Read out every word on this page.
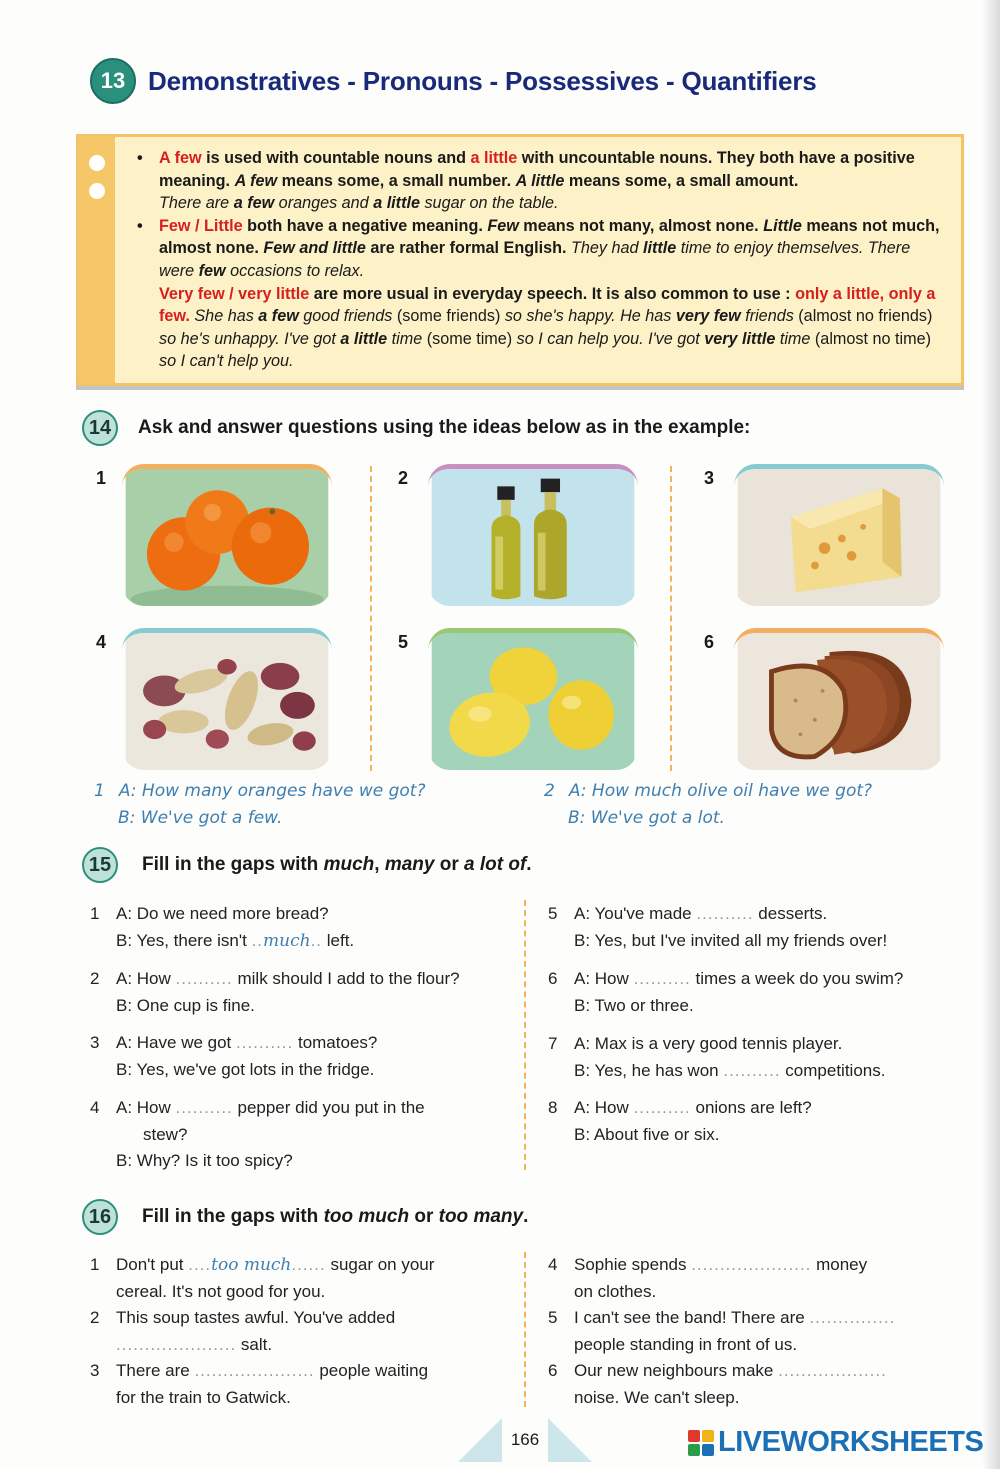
13 Demonstratives - Pronouns - Possessives - Quantifiers

• A few is used with countable nouns and a little with uncountable nouns. They both have a positive meaning. A few means some, a small number. A little means some, a small amount.
There are a few oranges and a little sugar on the table.

• Few / Little both have a negative meaning. Few means not many, almost none. Little means not much, almost none. Few and little are rather formal English. They had little time to enjoy themselves. There were few occasions to relax.

Very few / very little are more usual in everyday speech. It is also common to use : only a little, only a few. She has a few good friends (some friends) so she's happy. He has very few friends (almost no friends) so he's unhappy. I've got a little time (some time) so I can help you. I've got very little time (almost no time) so I can't help you.

14	Ask and answer questions using the ideas below as in the example:
1	2	3
4	5	6
1 A: How many oranges have we got?
B: We've got a few.
2 A: How much olive oil have we got?
B: We've got a lot.
15	Fill in the gaps with much, many or a lot of.
1 A: Do we need more bread?
B: Yes, there isn't ..much.. left.
2 A: How .......... milk should I add to the flour?
B: One cup is fine.
3 A: Have we got .......... tomatoes?
B: Yes, we've got lots in the fridge.
4 A: How .......... pepper did you put in the
stew?
B: Why? Is it too spicy?
5 A: You've made .......... desserts.
B: Yes, but I've invited all my friends over!
6 A: How .......... times a week do you swim?
B: Two or three.
7 A: Max is a very good tennis player.
B: Yes, he has won .......... competitions.
8 A: How .......... onions are left?
B: About five or six.
16	Fill in the gaps with too much or too many.
1 Don't put ....too much...... sugar on your
cereal. It's not good for you.
2 This soup tastes awful. You've added
..................... salt.
3 There are ..................... people waiting
for the train to Gatwick.
4 Sophie spends ..................... money
on clothes.
5 I can't see the band! There are ...............
people standing in front of us.
6 Our new neighbours make ...................
noise. We can't sleep.
166	LIVEWORKSHEETS
